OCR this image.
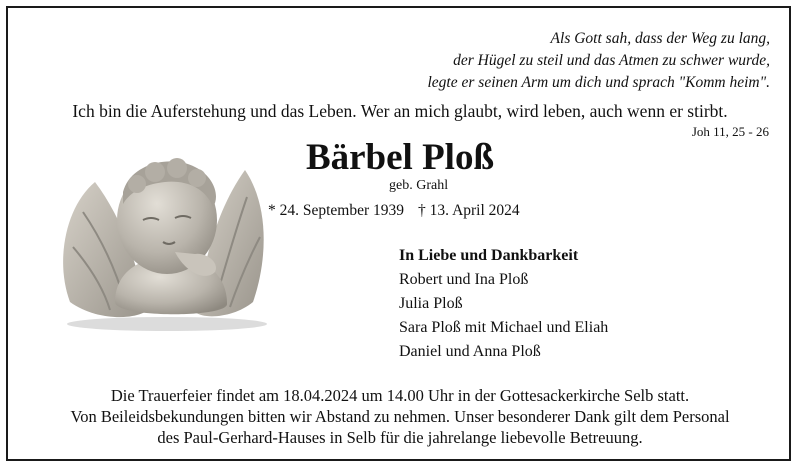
Als Gott sah, dass der Weg zu lang,
der Hügel zu steil und das Atmen zu schwer wurde,
legte er seinen Arm um dich und sprach "Komm heim".
Ich bin die Auferstehung und das Leben. Wer an mich glaubt, wird leben, auch wenn er stirbt.
Joh 11, 25 - 26
Bärbel Ploß
geb. Grahl
* 24. September 1939 † 13. April 2024
In Liebe und Dankbarkeit
Robert und Ina Ploß
Julia Ploß
Sara Ploß mit Michael und Eliah
Daniel und Anna Ploß
Die Trauerfeier findet am 18.04.2024 um 14.00 Uhr in der Gottesackerkirche Selb statt.
Von Beileidsbekundungen bitten wir Abstand zu nehmen. Unser besonderer Dank gilt dem Personal
des Paul-Gerhard-Hauses in Selb für die jahrelange liebevolle Betreuung.
